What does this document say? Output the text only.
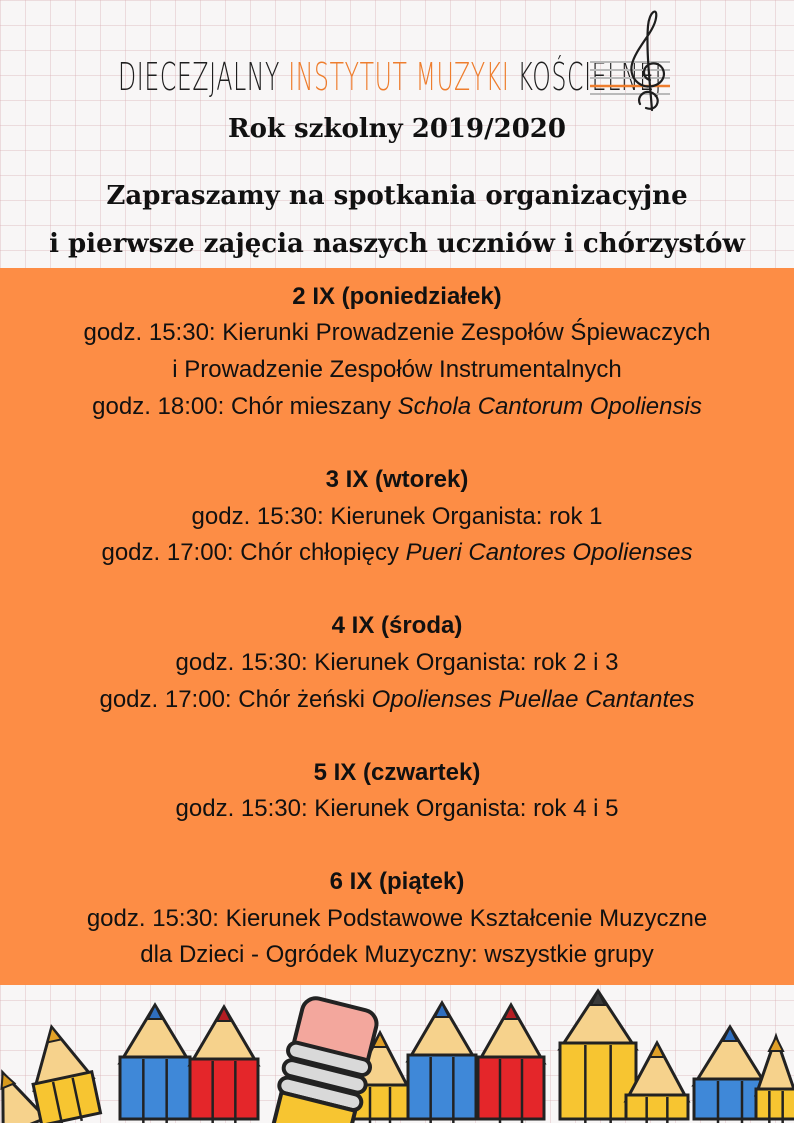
DIECEZJALNY INSTYTUT MUZYKI KOŚCIELNEJ
Rok szkolny 2019/2020
Zapraszamy na spotkania organizacyjne
i pierwsze zajęcia naszych uczniów i chórzystów

2 IX (poniedziałek)

godz. 15:30: Kierunki Prowadzenie Zespołów Śpiewaczych

i Prowadzenie Zespołów Instrumentalnych

godz. 18:00: Chór mieszany Schola Cantorum Opoliensis

3 IX (wtorek)

godz. 15:30: Kierunek Organista: rok 1

godz. 17:00: Chór chłopięcy Pueri Cantores Opolienses

4 IX (środa)

godz. 15:30: Kierunek Organista: rok 2 i 3

godz. 17:00: Chór żeński Opolienses Puellae Cantantes

5 IX (czwartek)

godz. 15:30: Kierunek Organista: rok 4 i 5

6 IX (piątek)

godz. 15:30: Kierunek Podstawowe Kształcenie Muzyczne

dla Dzieci - Ogródek Muzyczny: wszystkie grupy
